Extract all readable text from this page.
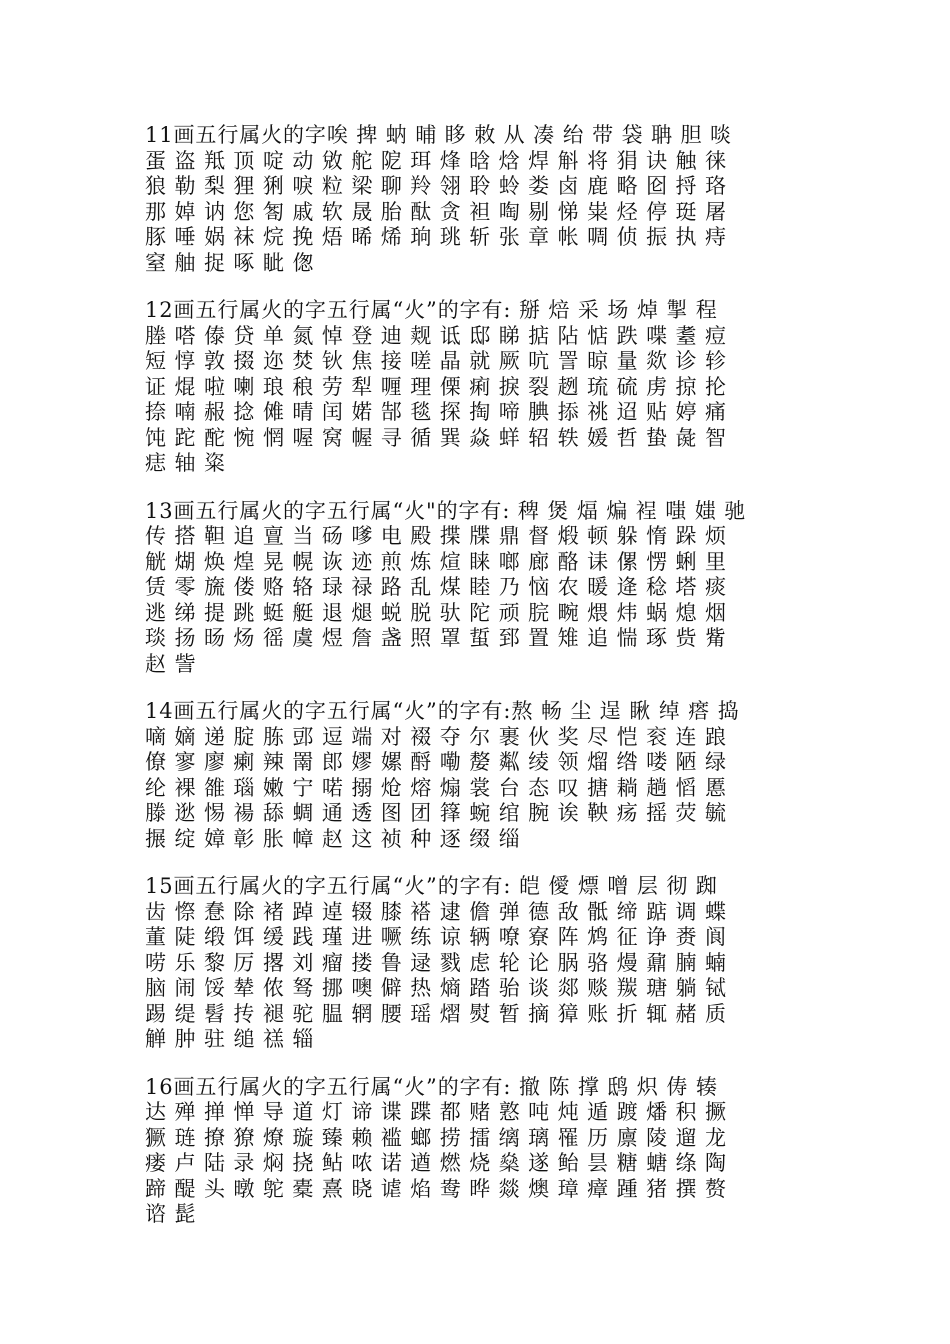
11画五行属火的字唉 捭 蚋 晡 眵 敇 从 凑 绐 带 袋 聃 胆 啖
蛋 盗 羝 顶 啶 动 敓 舵 阸 珥 烽 晗 焓 焊 斛 将 狷 诀 触 徕
狼 勒 梨 狸 猁 唳 粒 梁 聊 羚 翎 聆 蛉 娄 卤 鹿 略 囵 捋 珞
那 婥 讷 您 匒 戚 软 晟 胎 酞 贪 袒 啕 剔 悌 粜 烃 停 珽 屠
豚 唾 娲 袜 烷 挽 焐 晞 烯 珦 珧 斩 张 章 帐 啁 侦 振 执 痔
窒 舳 捉 啄 眦 偬
12画五行属火的字五行属“火”的字有: 掰 焙 采 场 焯 掣 程
塍 嗒 傣 贷 单 氮 悼 登 迪 觌 诋 邸 睇 掂 阽 惦 跌 喋 耋 痘
短 惇 敦 掇 迩 焚 钬 焦 接 嗟 晶 就 厥 吭 詈 晾 量 欻 诊 轸
证 焜 啦 喇 琅 稂 劳 犁 喱 理 傈 痢 捩 裂 趔 琉 硫 虏 掠 抡
捺 喃 赧 捻 傩 晴 闰 婼 郜 毯 探 掏 啼 腆 掭 祧 迢 贴 婷 痛
饨 跎 酡 惋 惘 喔 窝 幄 寻 循 巽 焱 蛘 轺 轶 媛 哲 蛰 彘 智
痣 轴 粢
13画五行属火的字五行属“火"的字有: 稗 煲 煏 煸 裎 嗤 媸 驰
传 搭 靼 追 亶 当 砀 嗲 电 殿 揲 牒 鼎 督 煅 顿 躲 惰 跺 烦
觥 煳 焕 煌 晃 幌 诙 迹 煎 炼 煊 睐 啷 廊 酪 诔 傫 愣 蜊 里
赁 零 旒 偻 赂 辂 琭 禄 路 乱 煤 睦 乃 恼 农 暖 逄 稔 塔 痰
逃 绨 提 跳 蜓 艇 退 煺 蜕 脱 驮 陀 顽 脘 畹 煨 炜 蜗 熄 烟
琰 扬 旸 炀 徭 虞 煜 詹 盏 照 罩 蜇 郅 置 雉 追 惴 琢 赀 觜
赵 訾
14画五行属火的字五行属“火”的字有:熬 畅 尘 逞 瞅 绰 瘩 捣
嘀 嫡 递 腚 胨 郖 逗 端 对 裰 夺 尔 裹 伙 奖 尽 恺 衮 连 踉
僚 寥 廖 瘌 辣 罱 郎 嫪 嫘 酹 嘞 嫠 粼 绫 领 熘 绺 喽 陋 绿
纶 裸 雒 瑙 嫩 宁 喏 搦 炝 熔 煽 裳 台 态 叹 搪 耥 趟 慆 慝
滕 逖 惕 禓 舔 蜩 通 透 图 团 箨 蜿 绾 腕 诶 鞅 疡 摇 荧 毓
搌 绽 嫜 彰 胀 幛 赵 这 祯 种 逐 缀 缁
15画五行属火的字五行属“火”的字有: 皑 僾 熛 噌 层 彻 踟
齿 憏 惷 除 褚 踔 逴 辍 膝 褡 逮 儋 弹 德 敌 骶 缔 踮 调 蝶
董 陡 缎 饵 缓 践 瑾 进 噘 练 谅 辆 嘹 寮 阵 鸩 征 诤 赉 阆
唠 乐 黎 厉 撂 刘 瘤 搂 鲁 逯 戮 虑 轮 论 脶 骆 熳 鼐 腩 蝻
脑 闹 馁 辇 侬 驽 挪 噢 僻 热 熵 踏 骀 谈 郯 赕 羰 瑭 躺 铽
踢 缇 髫 抟 褪 驼 腽 辋 腰 瑶 熠 熨 暂 摘 獐 账 折 辄 赭 质
觯 肿 驻 缒 禚 辎
16画五行属火的字五行属“火”的字有: 撤 陈 撑 鸱 炽 俦 辏
达 殚 掸 惮 导 道 灯 谛 谍 蹀 都 赌 憝 吨 炖 遁 踱 燔 积 撅
獗 琏 撩 獠 燎 璇 臻 赖 褴 螂 捞 擂 缡 璃 罹 历 廪 陵 遛 龙
瘘 卢 陆 录 焖 挠 鲇 哝 诺 遒 燃 烧 燊 遂 鲐 昙 糖 螗 绦 陶
蹄 醍 头 暾 鸵 橐 熹 晓 谑 焰 鸯 晔 燚 燠 璋 瘴 踵 猪 撰 赘
谘 髭
